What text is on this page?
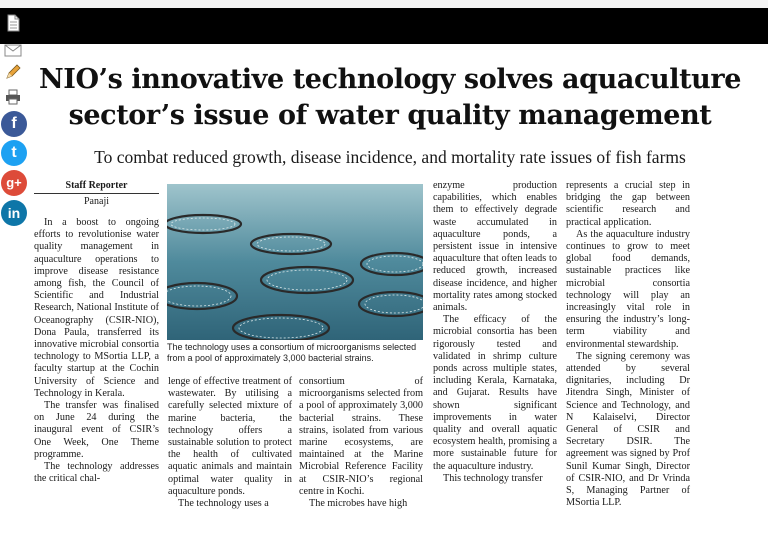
f
t
g+
in
NIO’s innovative technology solves aquaculture
sector’s issue of water quality management
To combat reduced growth, disease incidence, and mortality rate issues of fish farms
Staff Reporter
Panaji

In a boost to ongoing efforts to revolutionise water quality management in aquaculture operations to improve disease resistance among fish, the Council of Scientific and Industrial Research, National Institute of Oceanography (CSIR-NIO), Dona Paula, transferred its innovative microbial consortia technology to MSortia LLP, a faculty startup at the Cochin University of Science and Technology in Kerala.

The transfer was finalised on June 24 during the inaugural event of CSIR’s One Week, One Theme programme.

The technology addresses the critical chal-

The technology uses a consortium of microorganisms selected from a pool of approximately 3,000 bacterial strains.

lenge of effective treatment of wastewater. By utilising a carefully selected mixture of marine bacteria, the technology offers a sustainable solution to protect the health of cultivated aquatic animals and maintain optimal water quality in aquaculture ponds.

The technology uses a

consortium of microorganisms selected from a pool of approximately 3,000 bacterial strains. These strains, isolated from various marine ecosystems, are maintained at the Marine Microbial Reference Facility at CSIR-NIO’s regional centre in Kochi.

The microbes have high

enzyme production capabilities, which enables them to effectively degrade waste accumulated in aquaculture ponds, a persistent issue in intensive aquaculture that often leads to reduced growth, increased disease incidence, and higher mortality rates among stocked animals.

The efficacy of the microbial consortia has been rigorously tested and validated in shrimp culture ponds across multiple states, including Kerala, Karnataka, and Gujarat. Results have shown significant improvements in water quality and overall aquatic ecosystem health, promising a more sustainable future for the aquaculture industry.

This technology transfer

represents a crucial step in bridging the gap between scientific research and practical application.

As the aquaculture industry continues to grow to meet global food demands, sustainable practices like microbial consortia technology will play an increasingly vital role in ensuring the industry’s long-term viability and environmental stewardship.

The signing ceremony was attended by several dignitaries, including Dr Jitendra Singh, Minister of Science and Technology, and N Kalaiselvi, Director General of CSIR and Secretary DSIR. The agreement was signed by Prof Sunil Kumar Singh, Director of CSIR-NIO, and Dr Vrinda S, Managing Partner of MSortia LLP.
